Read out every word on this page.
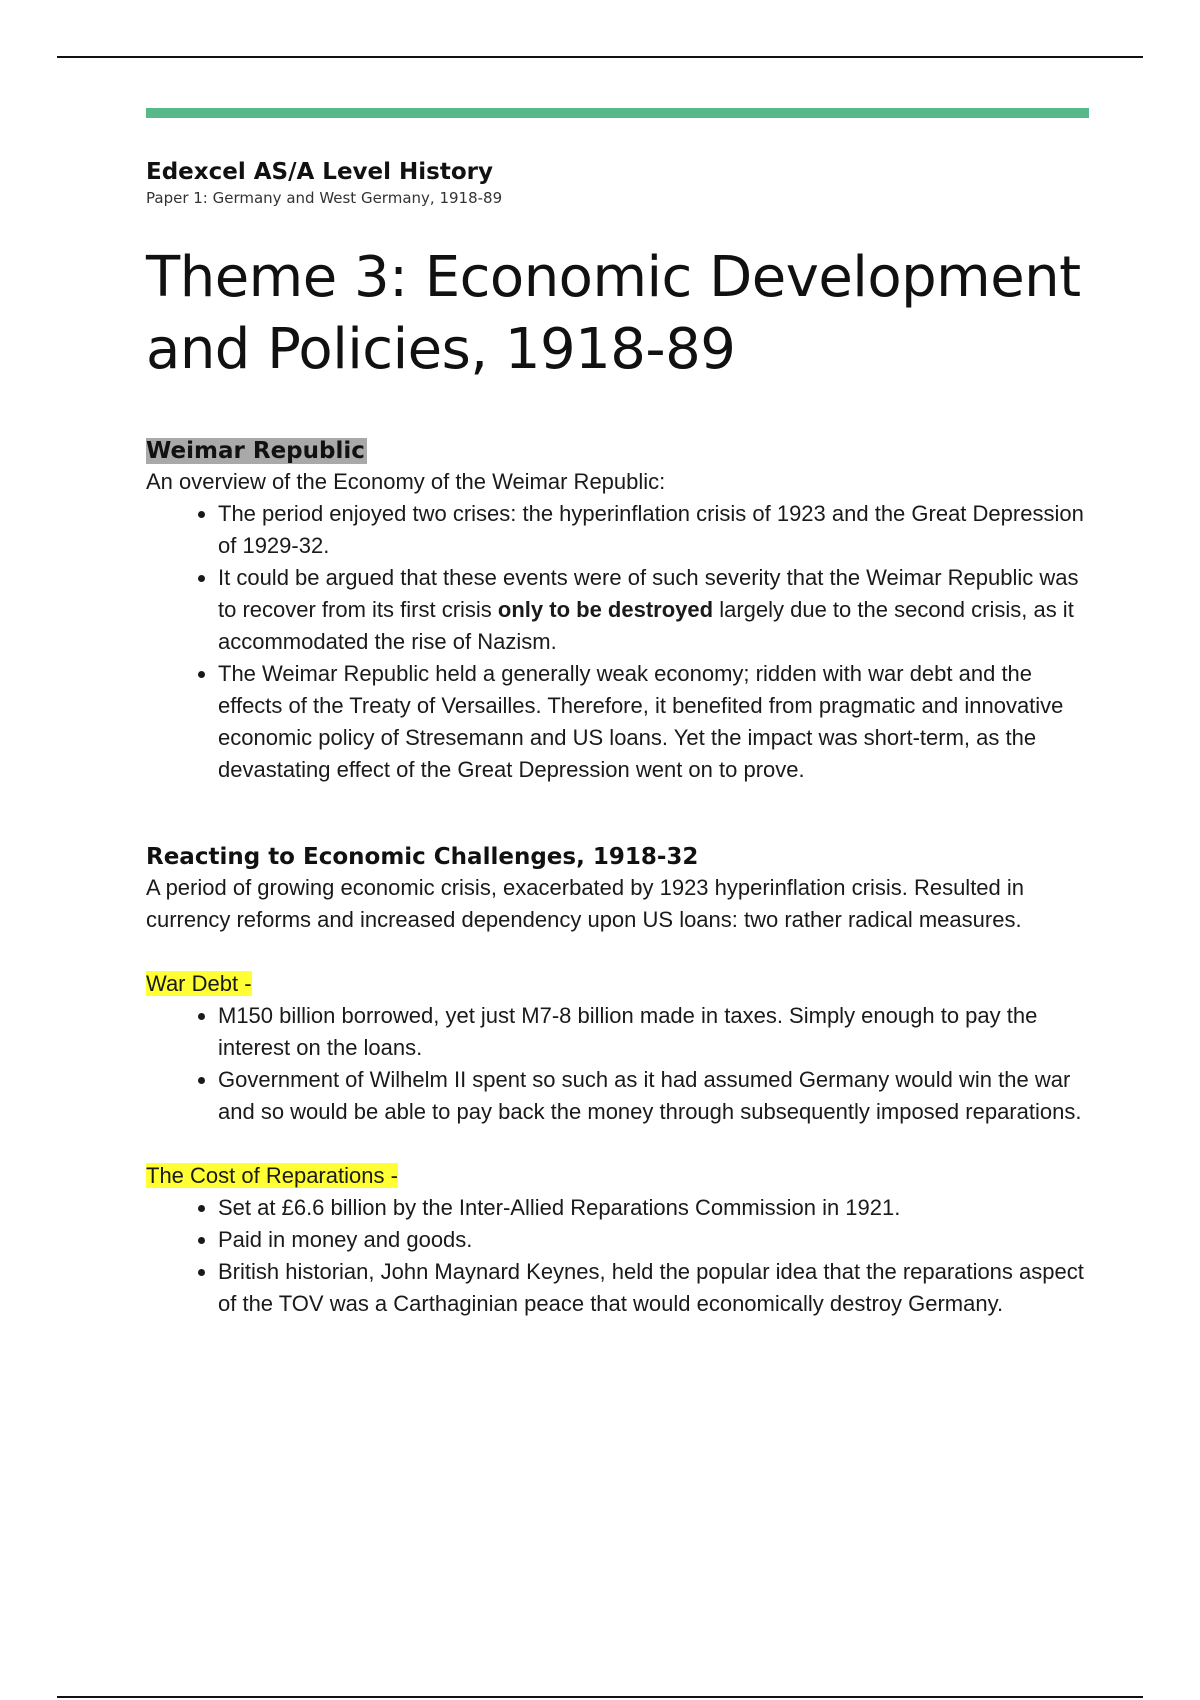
Edexcel AS/A Level History
Paper 1: Germany and West Germany, 1918-89
Theme 3: Economic Development
and Policies, 1918-89
Weimar Republic

An overview of the Economy of the Weimar Republic:

• The period enjoyed two crises: the hyperinflation crisis of 1923 and the Great Depression of 1929-32.
• It could be argued that these events were of such severity that the Weimar Republic was to recover from its first crisis only to be destroyed largely due to the second crisis, as it accommodated the rise of Nazism.
• The Weimar Republic held a generally weak economy; ridden with war debt and the effects of the Treaty of Versailles. Therefore, it benefited from pragmatic and innovative economic policy of Stresemann and US loans. Yet the impact was short-term, as the devastating effect of the Great Depression went on to prove.
Reacting to Economic Challenges, 1918-32

A period of growing economic crisis, exacerbated by 1923 hyperinflation crisis. Resulted in currency reforms and increased dependency upon US loans: two rather radical measures.

War Debt -
• M150 billion borrowed, yet just M7-8 billion made in taxes. Simply enough to pay the interest on the loans.
• Government of Wilhelm II spent so such as it had assumed Germany would win the war and so would be able to pay back the money through subsequently imposed reparations.
The Cost of Reparations -
• Set at £6.6 billion by the Inter-Allied Reparations Commission in 1921.
• Paid in money and goods.
• British historian, John Maynard Keynes, held the popular idea that the reparations aspect of the TOV was a Carthaginian peace that would economically destroy Germany.
